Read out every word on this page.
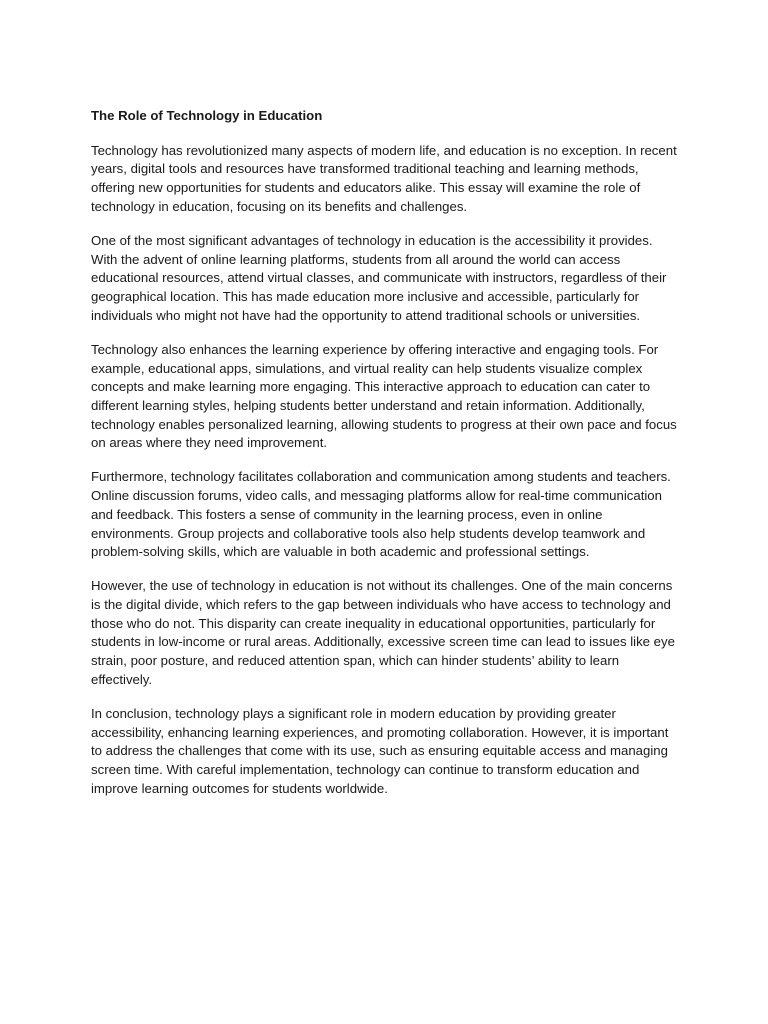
The Role of Technology in Education

Technology has revolutionized many aspects of modern life, and education is no exception. In recent years, digital tools and resources have transformed traditional teaching and learning methods, offering new opportunities for students and educators alike. This essay will examine the role of technology in education, focusing on its benefits and challenges.

One of the most significant advantages of technology in education is the accessibility it provides. With the advent of online learning platforms, students from all around the world can access educational resources, attend virtual classes, and communicate with instructors, regardless of their geographical location. This has made education more inclusive and accessible, particularly for individuals who might not have had the opportunity to attend traditional schools or universities.

Technology also enhances the learning experience by offering interactive and engaging tools. For example, educational apps, simulations, and virtual reality can help students visualize complex concepts and make learning more engaging. This interactive approach to education can cater to different learning styles, helping students better understand and retain information. Additionally, technology enables personalized learning, allowing students to progress at their own pace and focus on areas where they need improvement.

Furthermore, technology facilitates collaboration and communication among students and teachers. Online discussion forums, video calls, and messaging platforms allow for real-time communication and feedback. This fosters a sense of community in the learning process, even in online environments. Group projects and collaborative tools also help students develop teamwork and problem-solving skills, which are valuable in both academic and professional settings.

However, the use of technology in education is not without its challenges. One of the main concerns is the digital divide, which refers to the gap between individuals who have access to technology and those who do not. This disparity can create inequality in educational opportunities, particularly for students in low-income or rural areas. Additionally, excessive screen time can lead to issues like eye strain, poor posture, and reduced attention span, which can hinder students’ ability to learn effectively.

In conclusion, technology plays a significant role in modern education by providing greater accessibility, enhancing learning experiences, and promoting collaboration. However, it is important to address the challenges that come with its use, such as ensuring equitable access and managing screen time. With careful implementation, technology can continue to transform education and improve learning outcomes for students worldwide.
